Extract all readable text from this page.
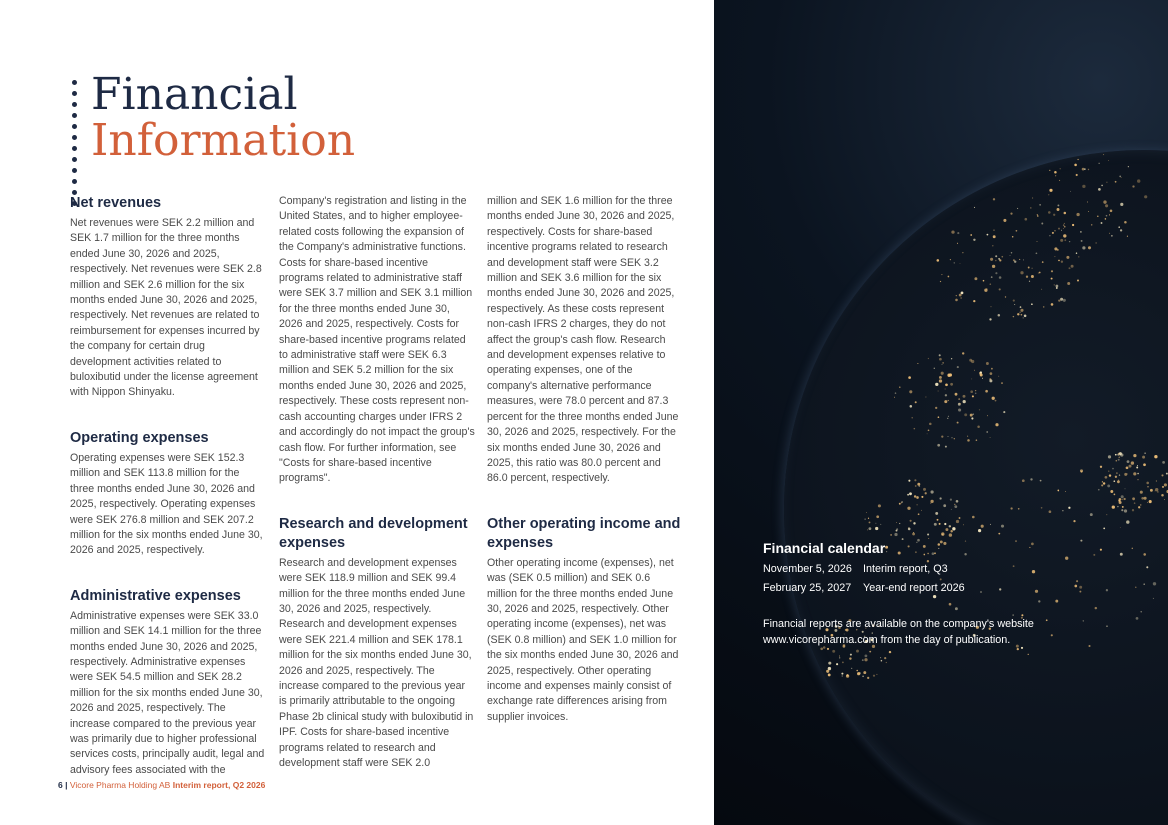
Financial
Information
Net revenues

Net revenues were SEK 2.2 million and SEK 1.7 million for the three months ended June 30, 2026 and 2025, respectively. Net revenues were SEK 2.8 million and SEK 2.6 million for the six months ended June 30, 2026 and 2025, respectively. Net revenues are related to reimbursement for expenses incurred by the company for certain drug development activities related to buloxibutid under the license agreement with Nippon Shinyaku.

Operating expenses

Operating expenses were SEK 152.3 million and SEK 113.8 million for the three months ended June 30, 2026 and 2025, respectively. Operating expenses were SEK 276.8 million and SEK 207.2 million for the six months ended June 30, 2026 and 2025, respectively.

Administrative expenses

Administrative expenses were SEK 33.0 million and SEK 14.1 million for the three months ended June 30, 2026 and 2025, respectively. Administrative expenses were SEK 54.5 million and SEK 28.2 million for the six months ended June 30, 2026 and 2025, respectively. The increase compared to the previous year was primarily due to higher professional services costs, principally audit, legal and advisory fees associated with the

Company's registration and listing in the United States, and to higher employee-related costs following the expansion of the Company's administrative functions. Costs for share-based incentive programs related to administrative staff were SEK 3.7 million and SEK 3.1 million for the three months ended June 30, 2026 and 2025, respectively. Costs for share-based incentive programs related to administrative staff were SEK 6.3 million and SEK 5.2 million for the six months ended June 30, 2026 and 2025, respectively. These costs represent non-cash accounting charges under IFRS 2 and accordingly do not impact the group's cash flow. For further information, see "Costs for share-based incentive programs".

Research and development expenses

Research and development expenses were SEK 118.9 million and SEK 99.4 million for the three months ended June 30, 2026 and 2025, respectively. Research and development expenses were SEK 221.4 million and SEK 178.1 million for the six months ended June 30, 2026 and 2025, respectively. The increase compared to the previous year is primarily attributable to the ongoing Phase 2b clinical study with buloxibutid in IPF. Costs for share-based incentive programs related to research and development staff were SEK 2.0

million and SEK 1.6 million for the three months ended June 30, 2026 and 2025, respectively. Costs for share-based incentive programs related to research and development staff were SEK 3.2 million and SEK 3.6 million for the six months ended June 30, 2026 and 2025, respectively. As these costs represent non-cash IFRS 2 charges, they do not affect the group's cash flow. Research and development expenses relative to operating expenses, one of the company's alternative performance measures, were 78.0 percent and 87.3 percent for the three months ended June 30, 2026 and 2025, respectively. For the six months ended June 30, 2026 and 2025, this ratio was 80.0 percent and 86.0 percent, respectively.

Other operating income and expenses

Other operating income (expenses), net was (SEK 0.5 million) and SEK 0.6 million for the three months ended June 30, 2026 and 2025, respectively. Other operating income (expenses), net was (SEK 0.8 million) and SEK 1.0 million for the six months ended June 30, 2026 and 2025, respectively. Other operating income and expenses mainly consist of exchange rate differences arising from supplier invoices.

6 | Vicore Pharma Holding AB Interim report, Q2 2026
Financial calendar
November 5, 2026 Interim report, Q3
February 25, 2027 Year-end report 2026
Financial reports are available on the company's website www.vicorepharma.com from the day of publication.
